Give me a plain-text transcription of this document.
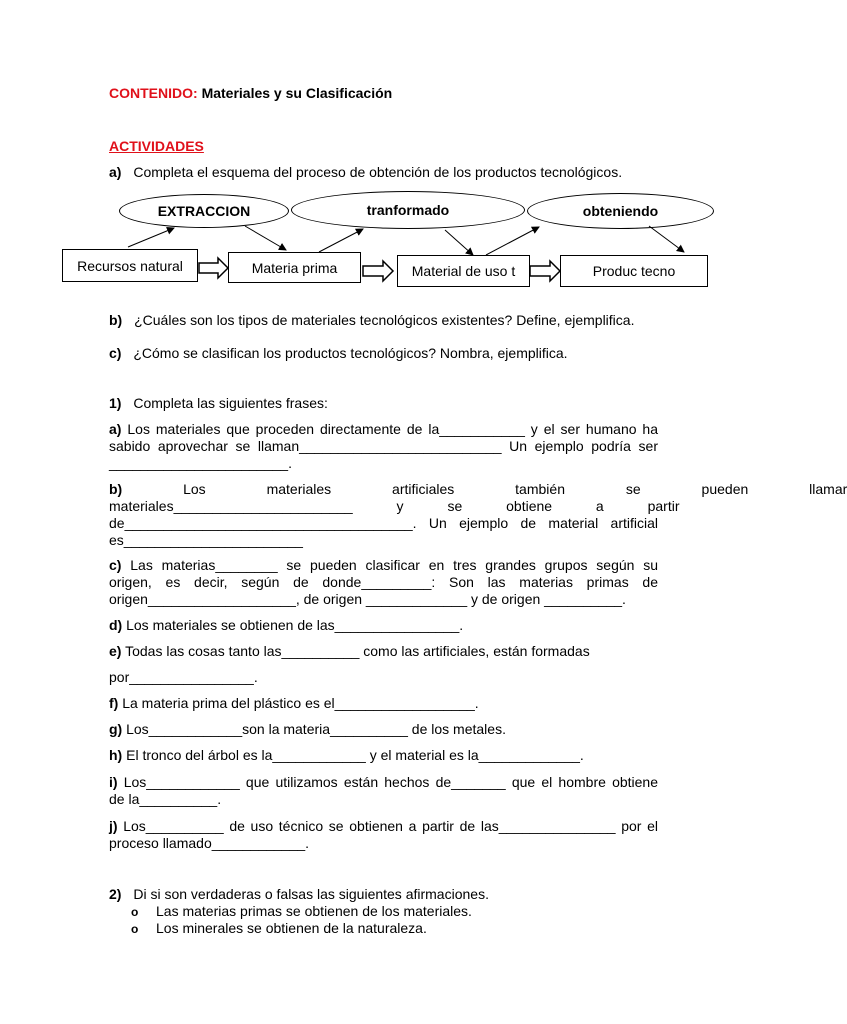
CONTENIDO: Materiales y su Clasificación
ACTIVIDADES
a) Completa el esquema del proceso de obtención de los productos tecnológicos.
EXTRACCION	tranformado	obteniendo
Recursos natural	Materia prima	Material de uso t	Produc tecno
b) ¿Cuáles son los tipos de materiales tecnológicos existentes? Define, ejemplifica.
c) ¿Cómo se clasifican los productos tecnológicos? Nombra, ejemplifica.
1) Completa las siguientes frases:
a) Los materiales que proceden directamente de la___________ y el ser humano ha
sabido aprovechar se llaman__________________________ Un ejemplo podría ser
_______________________.
b)	Los materiales artificiales también se pueden llamar
materiales_______________________ y se obtiene a partir
de_____________________________________. Un ejemplo de material artificial
es_______________________
c) Las materias________ se pueden clasificar en tres grandes grupos según su
origen, es decir, según de donde_________: Son las materias primas de
origen___________________, de origen _____________ y de origen __________.
d) Los materiales se obtienen de las________________.
e) Todas las cosas tanto las__________ como las artificiales, están formadas
por________________.
f) La materia prima del plástico es el__________________.
g) Los____________son la materia__________ de los metales.
h) El tronco del árbol es la____________ y el material es la_____________.
i) Los____________ que utilizamos están hechos de_______ que el hombre obtiene
de la__________.
j) Los__________ de uso técnico se obtienen a partir de las_______________ por el
proceso llamado____________.
2) Di si son verdaderas o falsas las siguientes afirmaciones.
o Las materias primas se obtienen de los materiales.
o Los minerales se obtienen de la naturaleza.
